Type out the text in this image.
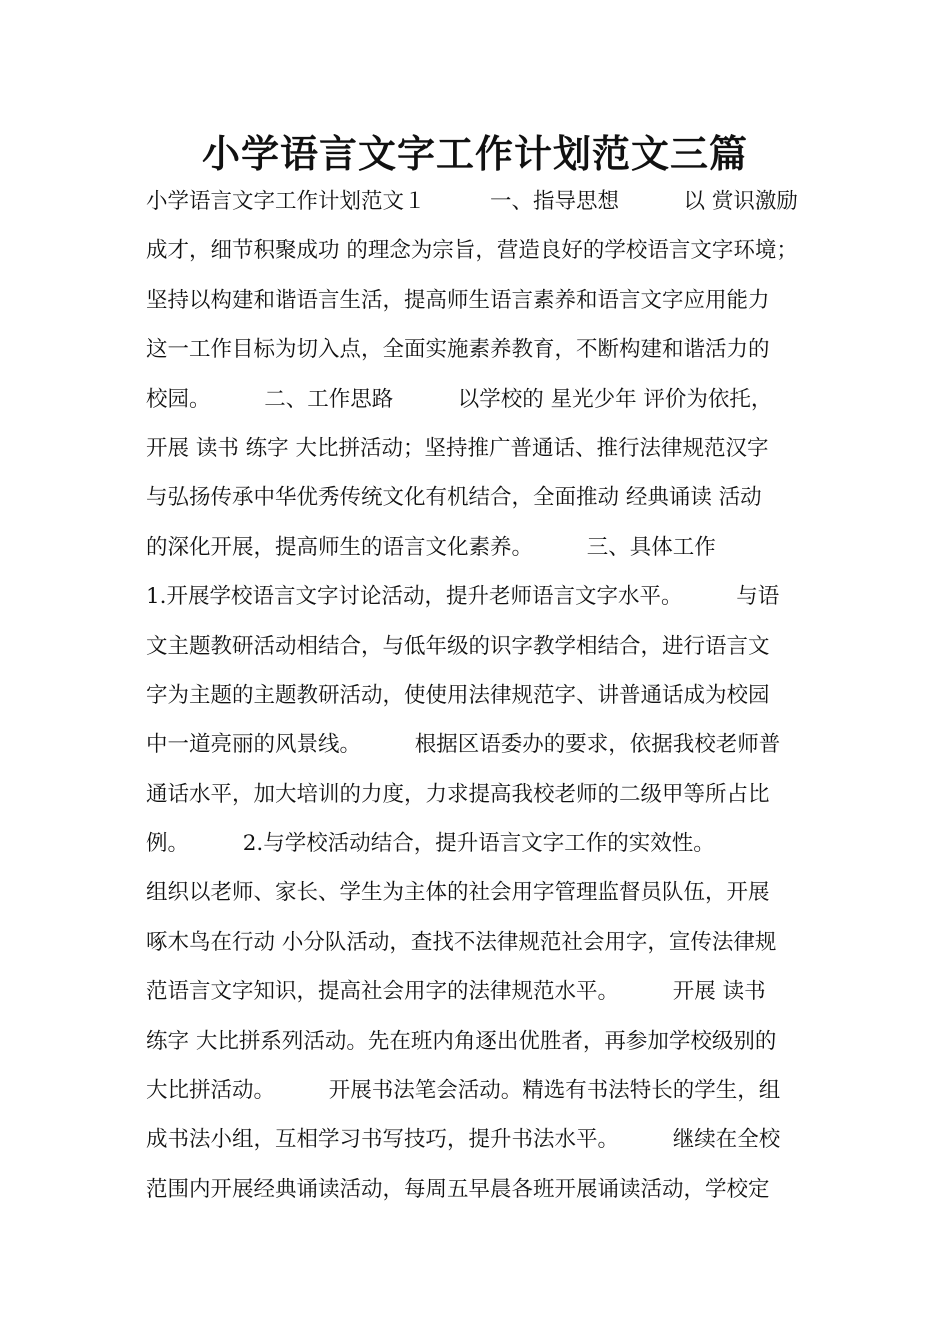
小学语言文字工作计划范文三篇
小学语言文字工作计划范文１　　　一、指导思想　　　以 赏识激励
成才，细节积聚成功 的理念为宗旨，营造良好的学校语言文字环境；
坚持以构建和谐语言生活，提高师生语言素养和语言文字应用能力
这一工作目标为切入点，全面实施素养教育，不断构建和谐活力的
校园。　　　二、工作思路　　　以学校的 星光少年 评价为依托，
开展 读书 练字 大比拼活动；坚持推广普通话、推行法律规范汉字
与弘扬传承中华优秀传统文化有机结合，全面推动 经典诵读 活动
的深化开展，提高师生的语言文化素养。　　　三、具体工作
1.开展学校语言文字讨论活动，提升老师语言文字水平。　　　与语
文主题教研活动相结合，与低年级的识字教学相结合，进行语言文
字为主题的主题教研活动，使使用法律规范字、讲普通话成为校园
中一道亮丽的风景线。　　　根据区语委办的要求，依据我校老师普
通话水平，加大培训的力度，力求提高我校老师的二级甲等所占比
例。　　　2.与学校活动结合，提升语言文字工作的实效性。
组织以老师、家长、学生为主体的社会用字管理监督员队伍，开展
啄木鸟在行动 小分队活动，查找不法律规范社会用字，宣传法律规
范语言文字知识，提高社会用字的法律规范水平。　　　开展 读书
练字 大比拼系列活动。先在班内角逐出优胜者，再参加学校级别的
大比拼活动。　　　开展书法笔会活动。精选有书法特长的学生，组
成书法小组，互相学习书写技巧，提升书法水平。　　　继续在全校
范围内开展经典诵读活动，每周五早晨各班开展诵读活动，学校定
